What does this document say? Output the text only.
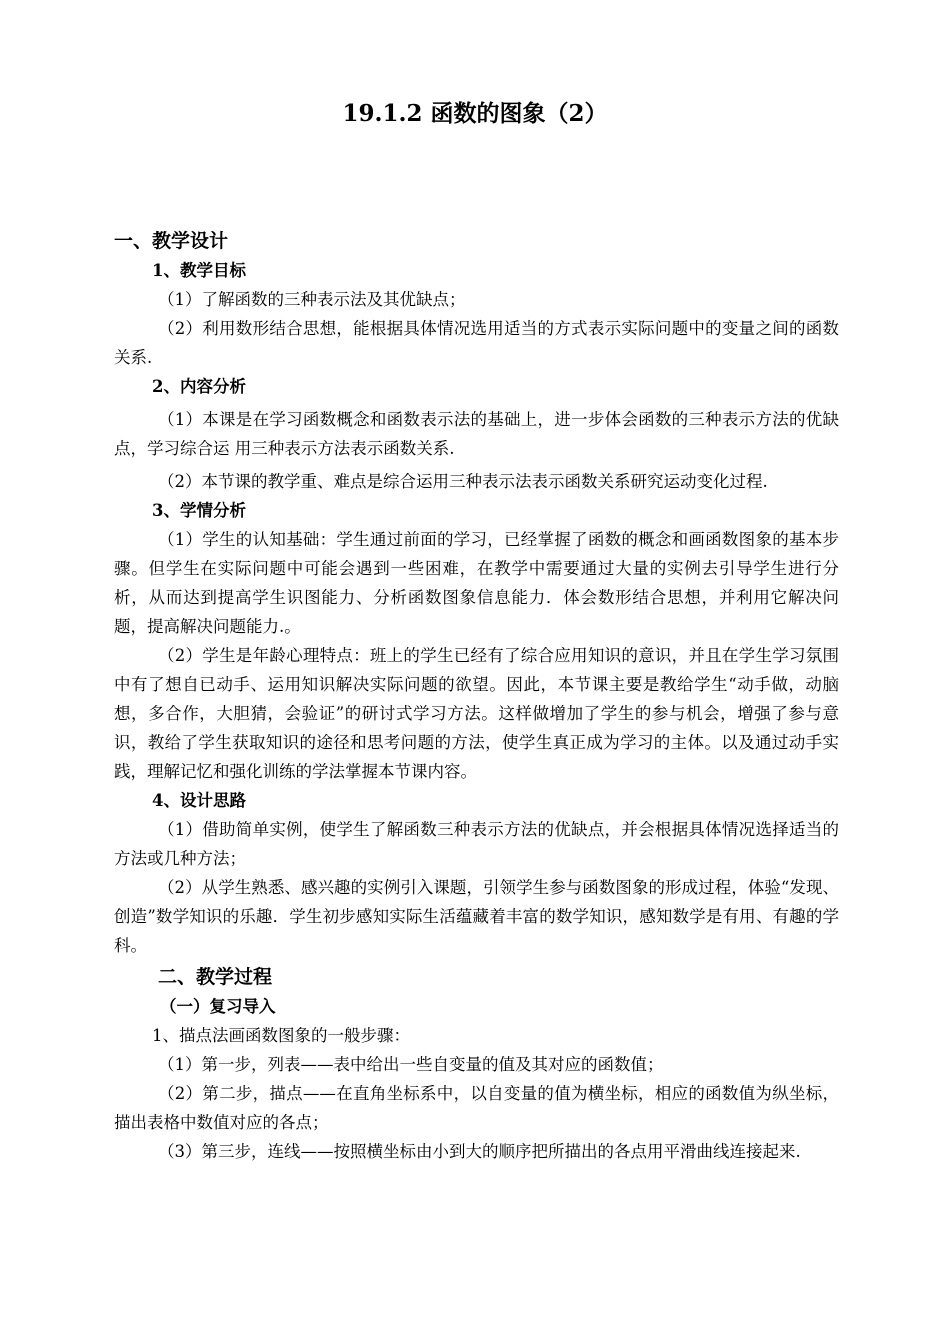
19.1.2 函数的图象（2）
一、教学设计
1、教学目标

（1）了解函数的三种表示法及其优缺点；

（2）利用数形结合思想，能根据具体情况选用适当的方式表示实际问题中的变量之间的函数关系.

2、内容分析

（1）本课是在学习函数概念和函数表示法的基础上，进一步体会函数的三种表示方法的优缺点，学习综合运 用三种表示方法表示函数关系.

（2）本节课的教学重、难点是综合运用三种表示法表示函数关系研究运动变化过程.

3、学情分析

（1）学生的认知基础：学生通过前面的学习，已经掌握了函数的概念和画函数图象的基本步骤。但学生在实际问题中可能会遇到一些困难，在教学中需要通过大量的实例去引导学生进行分析，从而达到提高学生识图能力、分析函数图象信息能力．体会数形结合思想，并利用它解决问题，提高解决问题能力.。

（2）学生是年龄心理特点：班上的学生已经有了综合应用知识的意识，并且在学生学习氛围中有了想自已动手、运用知识解决实际问题的欲望。因此，本节课主要是教给学生“动手做，动脑想，多合作，大胆猜，会验证”的研讨式学习方法。这样做增加了学生的参与机会，增强了参与意识，教给了学生获取知识的途径和思考问题的方法，使学生真正成为学习的主体。以及通过动手实践，理解记忆和强化训练的学法掌握本节课内容。

4、设计思路

（1）借助简单实例，使学生了解函数三种表示方法的优缺点，并会根据具体情况选择适当的方法或几种方法；

（2）从学生熟悉、感兴趣的实例引入课题，引领学生参与函数图象的形成过程，体验“发现、创造”数学知识的乐趣．学生初步感知实际生活蕴藏着丰富的数学知识，感知数学是有用、有趣的学科。

二、教学过程
（一）复习导入

1、描点法画函数图象的一般步骤：

（1）第一步，列表——表中给出一些自变量的值及其对应的函数值；

（2）第二步，描点——在直角坐标系中，以自变量的值为横坐标，相应的函数值为纵坐标，描出表格中数值对应的各点；

（3）第三步，连线——按照横坐标由小到大的顺序把所描出的各点用平滑曲线连接起来.
